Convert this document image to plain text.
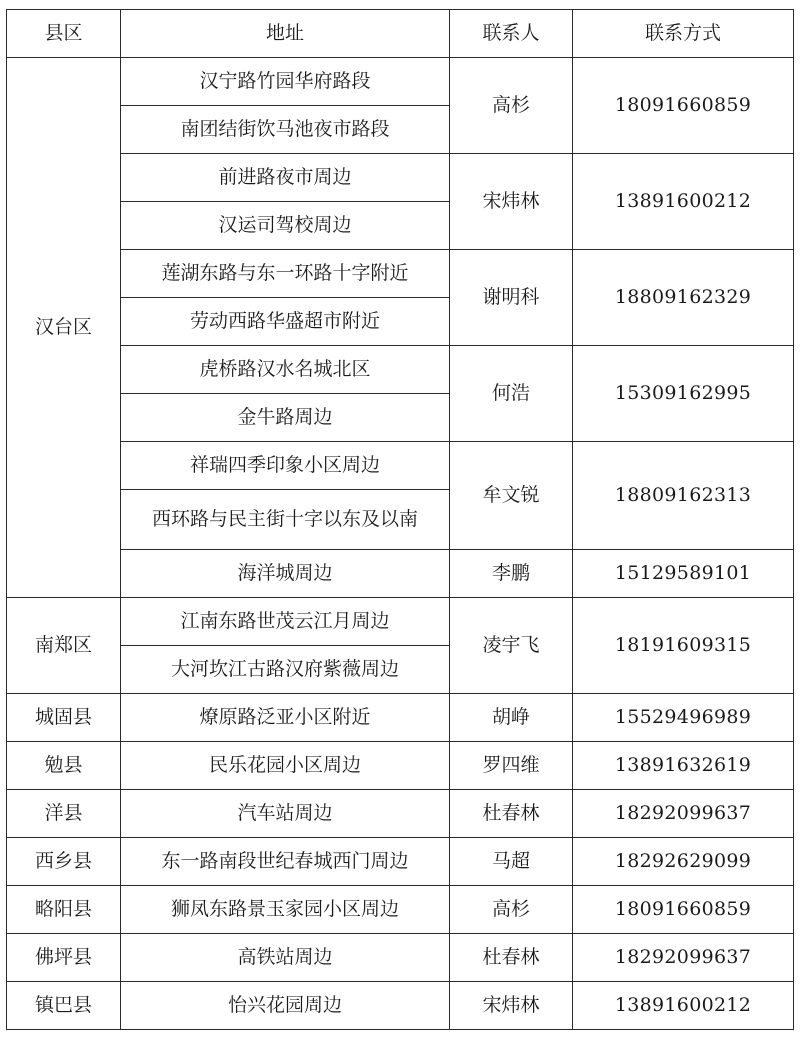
县区	地址	联系人	联系方式
汉台区	汉宁路竹园华府路段	高杉	18091660859
	南团结街饮马池夜市路段		
	前进路夜市周边	宋炜林	13891600212
	汉运司驾校周边		
	莲湖东路与东一环路十字附近	谢明科	18809162329
	劳动西路华盛超市附近		
	虎桥路汉水名城北区	何浩	15309162995
	金牛路周边		
	祥瑞四季印象小区周边	牟文锐	18809162313
	西环路与民主街十字以东及以南		
	海洋城周边	李鹏	15129589101
南郑区	江南东路世茂云江月周边	凌宇飞	18191609315
	大河坎江古路汉府紫薇周边		
城固县	燎原路泛亚小区附近	胡峥	15529496989
勉县	民乐花园小区周边	罗四维	13891632619
洋县	汽车站周边	杜春林	18292099637
西乡县	东一路南段世纪春城西门周边	马超	18292629099
略阳县	狮凤东路景玉家园小区周边	高杉	18091660859
佛坪县	高铁站周边	杜春林	18292099637
镇巴县	怡兴花园周边	宋炜林	13891600212
